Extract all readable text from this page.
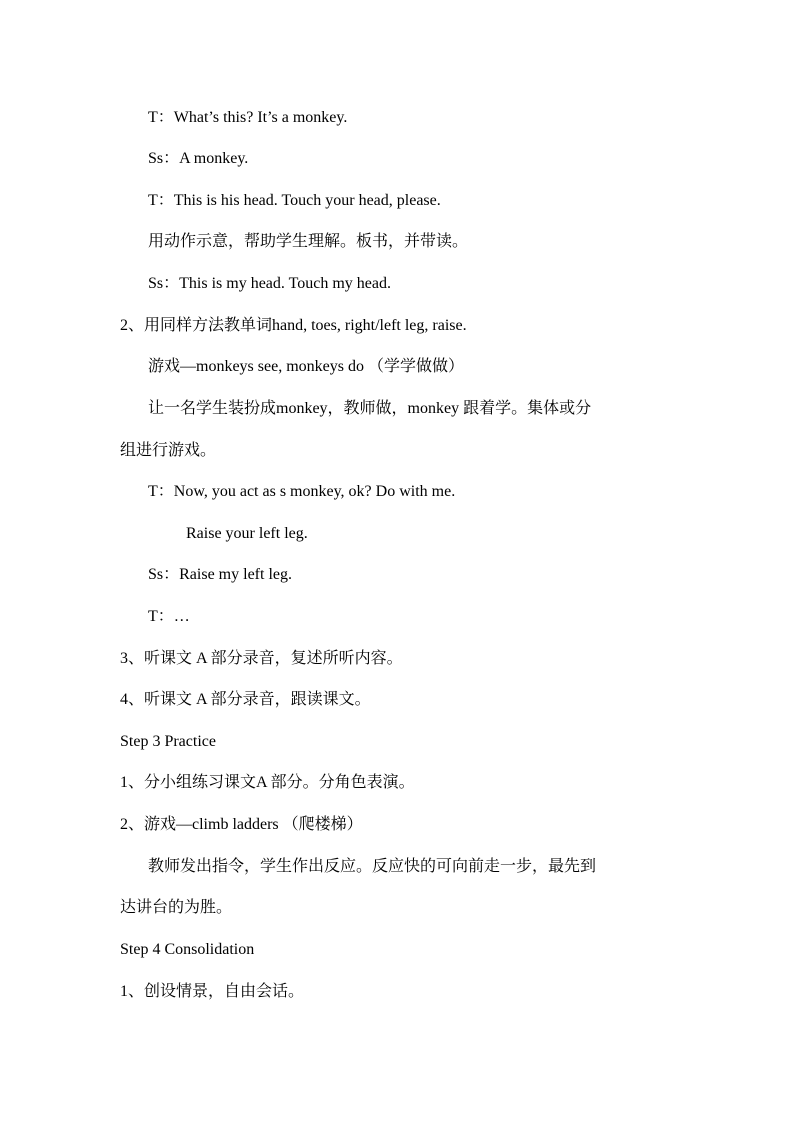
T：What’s this? It’s a monkey.
Ss：A monkey.
T：This is his head. Touch your head, please.
用动作示意，帮助学生理解。板书，并带读。
Ss：This is my head. Touch my head.
2、用同样方法教单词hand, toes, right/left leg, raise.
游戏—monkeys see, monkeys do （学学做做）
让一名学生装扮成monkey，教师做，monkey 跟着学。集体或分
组进行游戏。
T：Now, you act as s monkey, ok? Do with me.
Raise your left leg.
Ss：Raise my left leg.
T：…
3、听课文 A 部分录音，复述所听内容。
4、听课文 A 部分录音，跟读课文。
Step 3 Practice
1、分小组练习课文A 部分。分角色表演。
2、游戏—climb ladders （爬楼梯）
教师发出指令，学生作出反应。反应快的可向前走一步，最先到
达讲台的为胜。
Step 4 Consolidation
1、创设情景，自由会话。
